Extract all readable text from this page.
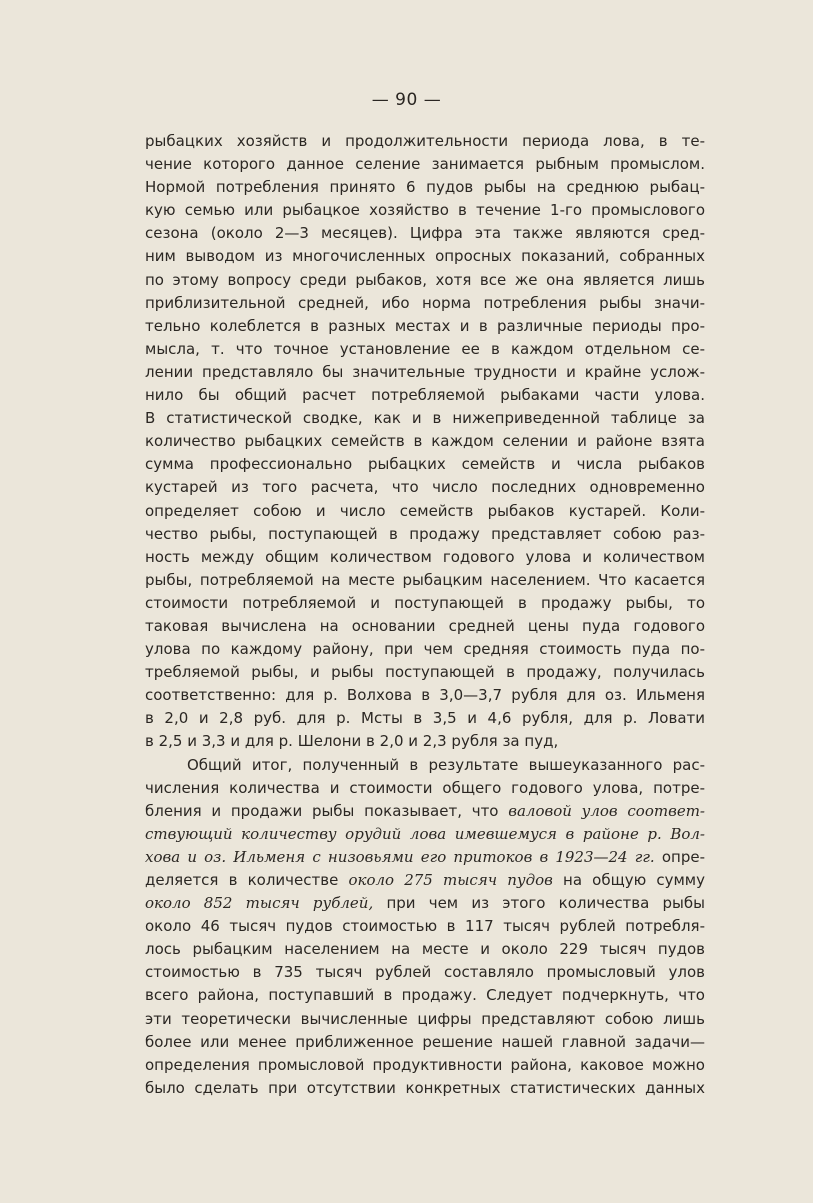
— 90 —
рыбацких хозяйств и продолжительности периода лова, в те-
чение которого данное селение занимается рыбным промыслом.
Нормой потребления принято 6 пудов рыбы на среднюю рыбац-
кую семью или рыбацкое хозяйство в течение 1-го промыслового
сезона (около 2—3 месяцев). Цифра эта также являются сред-
ним выводом из многочисленных опросных показаний, собранных
по этому вопросу среди рыбаков, хотя все же она является лишь
приблизительной средней, ибо норма потребления рыбы значи-
тельно колеблется в разных местах и в различные периоды про-
мысла, т. что точное установление ее в каждом отдельном се-
лении представляло бы значительные трудности и крайне услож-
нило бы общий расчет потребляемой рыбаками части улова.
В статистической сводке, как и в нижеприведенной таблице за
количество рыбацких семейств в каждом селении и районе взята
сумма профессионально рыбацких семейств и числа рыбаков
кустарей из того расчета, что число последних одновременно
определяет собою и число семейств рыбаков кустарей. Коли-
чество рыбы, поступающей в продажу представляет собою раз-
ность между общим количеством годового улова и количеством
рыбы, потребляемой на месте рыбацким населением. Что касается
стоимости потребляемой и поступающей в продажу рыбы, то
таковая вычислена на основании средней цены пуда годового
улова по каждому району, при чем средняя стоимость пуда по-
требляемой рыбы, и рыбы поступающей в продажу, получилась
соответственно: для р. Волхова в 3,0—3,7 рубля для оз. Ильменя
в 2,0 и 2,8 руб. для р. Мсты в 3,5 и 4,6 рубля, для р. Ловати
в 2,5 и 3,3 и для р. Шелони в 2,0 и 2,3 рубля за пуд,
Общий итог, полученный в результате вышеуказанного рас-
числения количества и стоимости общего годового улова, потре-
бления и продажи рыбы показывает, что валовой улов соответ-
ствующий количеству орудий лова имевшемуся в районе р. Вол-
хова и оз. Ильменя с низовьями его притоков в 1923—24 гг. опре-
деляется в количестве около 275 тысяч пудов на общую сумму
около 852 тысяч рублей, при чем из этого количества рыбы
около 46 тысяч пудов стоимостью в 117 тысяч рублей потребля-
лось рыбацким населением на месте и около 229 тысяч пудов
стоимостью в 735 тысяч рублей составляло промысловый улов
всего района, поступавший в продажу. Следует подчеркнуть, что
эти теоретически вычисленные цифры представляют собою лишь
более или менее приближенное решение нашей главной задачи—
определения промысловой продуктивности района, каковое можно
было сделать при отсутствии конкретных статистических данных
